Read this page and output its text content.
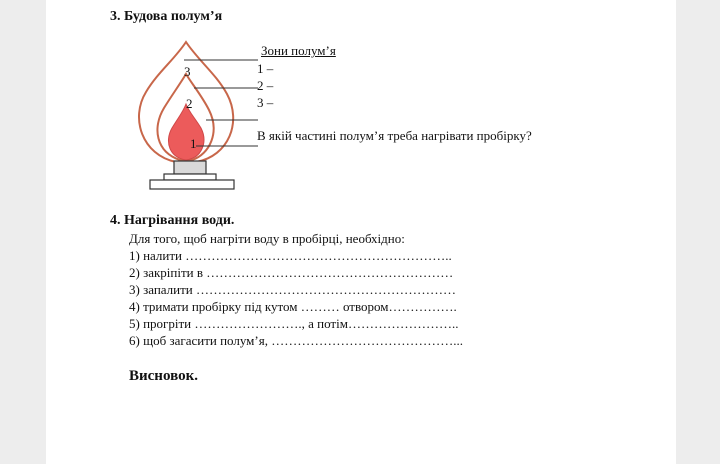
3. Будова полум’я
3
2
1
Зони полум’я
1 –
2 –
3 –
В якій частині полум’я треба нагрівати пробірку?
4. Нагрівання води.
Для того, щоб нагріти воду в пробірці, необхідно:
1) налити ……………………………………………………..
2) закріпіти в …………………………………………………
3) запалити ……………………………………………………
4) тримати пробірку під кутом ……… отвором…………….
5) прогріти ……………………., а потім……………………..
6) щоб загасити полум’я, ……………………………………...
Висновок.
